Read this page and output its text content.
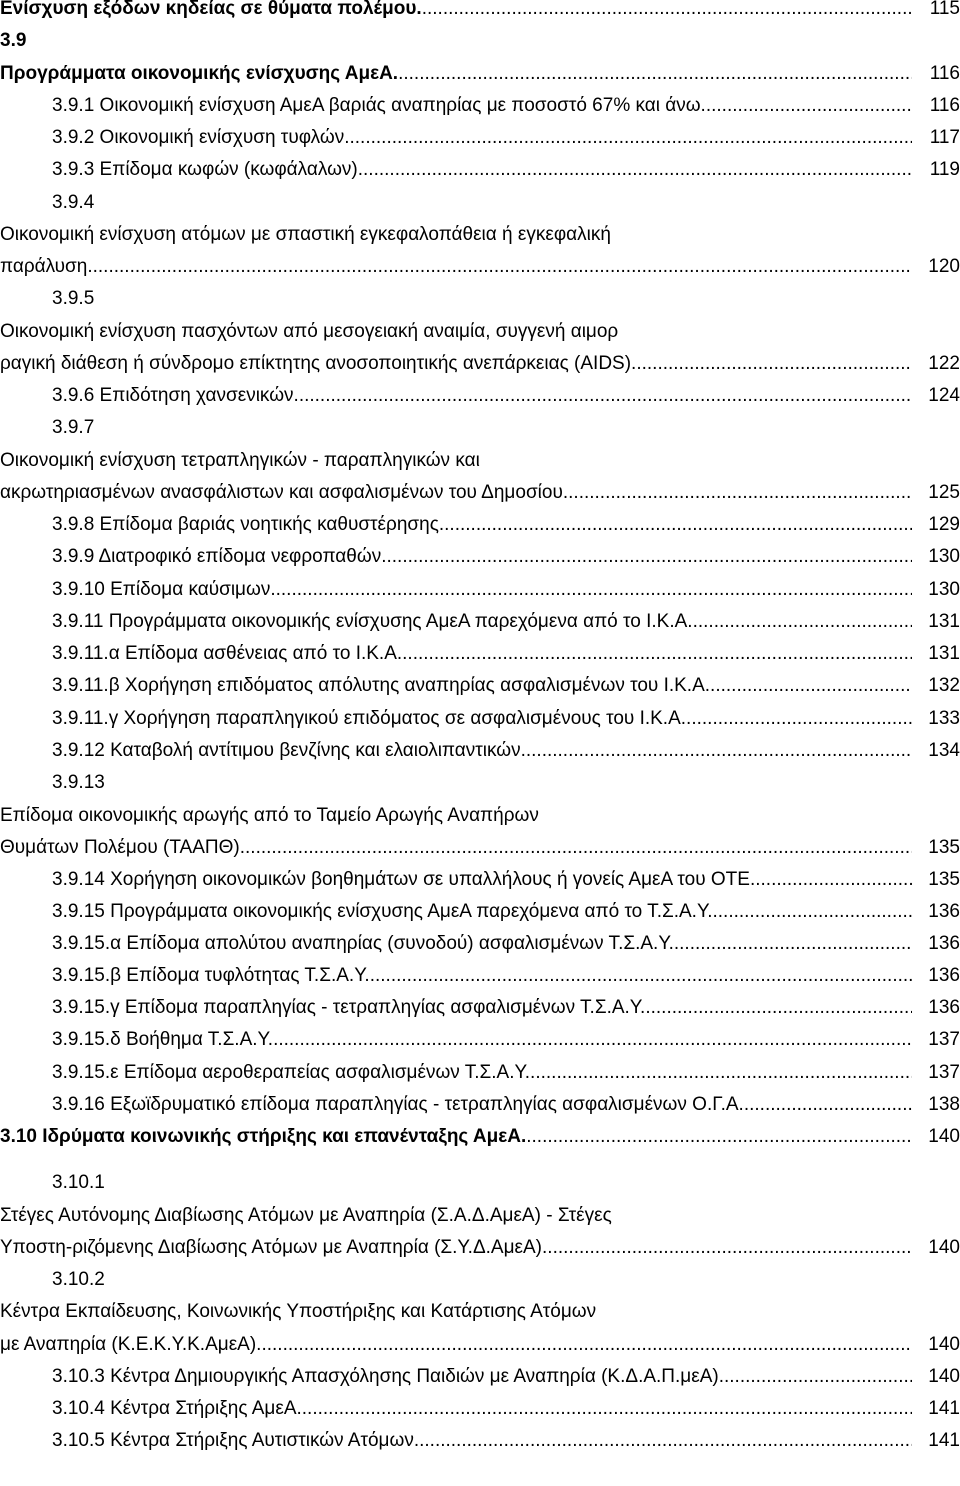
Ενίσχυση εξόδων κηδείας σε θύματα πολέμου. .....	115
3.9
Προγράμματα οικονομικής ενίσχυσης ΑμεΑ. .....	116
3.9.1 Οικονομική ενίσχυση ΑμεΑ βαριάς αναπηρίας με ποσοστό 67% και άνω. .....	116
3.9.2 Οικονομική ενίσχυση τυφλών. .....	117
3.9.3 Επίδομα κωφών (κωφάλαλων). .....	119
3.9.4
Οικονομική ενίσχυση ατόμων με σπαστική εγκεφαλοπάθεια ή εγκεφαλική
παράλυση. .....	120
3.9.5
Οικονομική ενίσχυση πασχόντων από μεσογειακή αναιμία, συγγενή αιμορ
ραγική διάθεση ή σύνδρομο επίκτητης ανοσοποιητικής ανεπάρκειας (AIDS). .....	122
3.9.6 Επιδότηση χανσενικών. .....	124
3.9.7
Οικονομική ενίσχυση τετραπληγικών - παραπληγικών και
ακρωτηριασμένων ανασφάλιστων και ασφαλισμένων του Δημοσίου .....	125
3.9.8 Επίδομα βαριάς νοητικής καθυστέρησης. .....	129
3.9.9 Διατροφικό επίδομα νεφροπαθών. .....	130
3.9.10 Επίδομα καύσιμων. .....	130
3.9.11 Προγράμματα οικονομικής ενίσχυσης ΑμεΑ παρεχόμενα από το Ι.Κ.Α. .....	131
3.9.11.α Επίδομα ασθένειας από το Ι.Κ.Α. .....	131
3.9.11.β Χορήγηση επιδόματος απόλυτης αναπηρίας ασφαλισμένων του Ι.Κ.Α. .....	132
3.9.11.γ Χορήγηση παραπληγικού επιδόματος σε ασφαλισμένους του Ι.Κ.Α. .....	133
3.9.12 Καταβολή αντίτιμου βενζίνης και ελαιολιπαντικών .....	134
3.9.13
Επίδομα οικονομικής αρωγής από το Ταμείο Αρωγής Αναπήρων
Θυμάτων Πολέμου (ΤΑΑΠΘ) .....	135
3.9.14 Χορήγηση οικονομικών βοηθημάτων σε υπαλλήλους ή γονείς ΑμεΑ του ΟΤΕ. .....	135
3.9.15 Προγράμματα οικονομικής ενίσχυσης ΑμεΑ παρεχόμενα από το Τ.Σ.Α.Υ. .....	136
3.9.15.α Επίδομα απολύτου αναπηρίας (συνοδού) ασφαλισμένων Τ.Σ.Α.Υ. .....	136
3.9.15.β Επίδομα τυφλότητας Τ.Σ.Α.Υ. .....	136
3.9.15.γ Επίδομα παραπληγίας - τετραπληγίας ασφαλισμένων Τ.Σ.Α.Υ. .....	136
3.9.15.δ Βοήθημα Τ.Σ.Α.Υ. .....	137
3.9.15.ε Επίδομα αεροθεραπείας ασφαλισμένων Τ.Σ.Α.Υ. .....	137
3.9.16 Εξωϊδρυματικό επίδομα παραπληγίας - τετραπληγίας ασφαλισμένων Ο.Γ.Α. .....	138
3.10 Ιδρύματα κοινωνικής στήριξης και επανένταξης ΑμεΑ. .....	140
3.10.1
Στέγες Αυτόνομης Διαβίωσης Ατόμων με Αναπηρία (Σ.Α.Δ.ΑμεΑ) - Στέγες
Υποστη-ριζόμενης Διαβίωσης Ατόμων με Αναπηρία (Σ.Υ.Δ.ΑμεΑ) .....	140
3.10.2
Κέντρα Εκπαίδευσης, Κοινωνικής Υποστήριξης και Κατάρτισης Ατόμων
με Αναπηρία (Κ.Ε.Κ.Υ.Κ.ΑμεΑ). .....	140
3.10.3 Κέντρα Δημιουργικής Απασχόλησης Παιδιών με Αναπηρία (Κ.Δ.Α.Π.μεΑ) .....	140
3.10.4 Κέντρα Στήριξης ΑμεΑ. .....	141
3.10.5 Κέντρα Στήριξης Αυτιστικών Ατόμων. .....	141
